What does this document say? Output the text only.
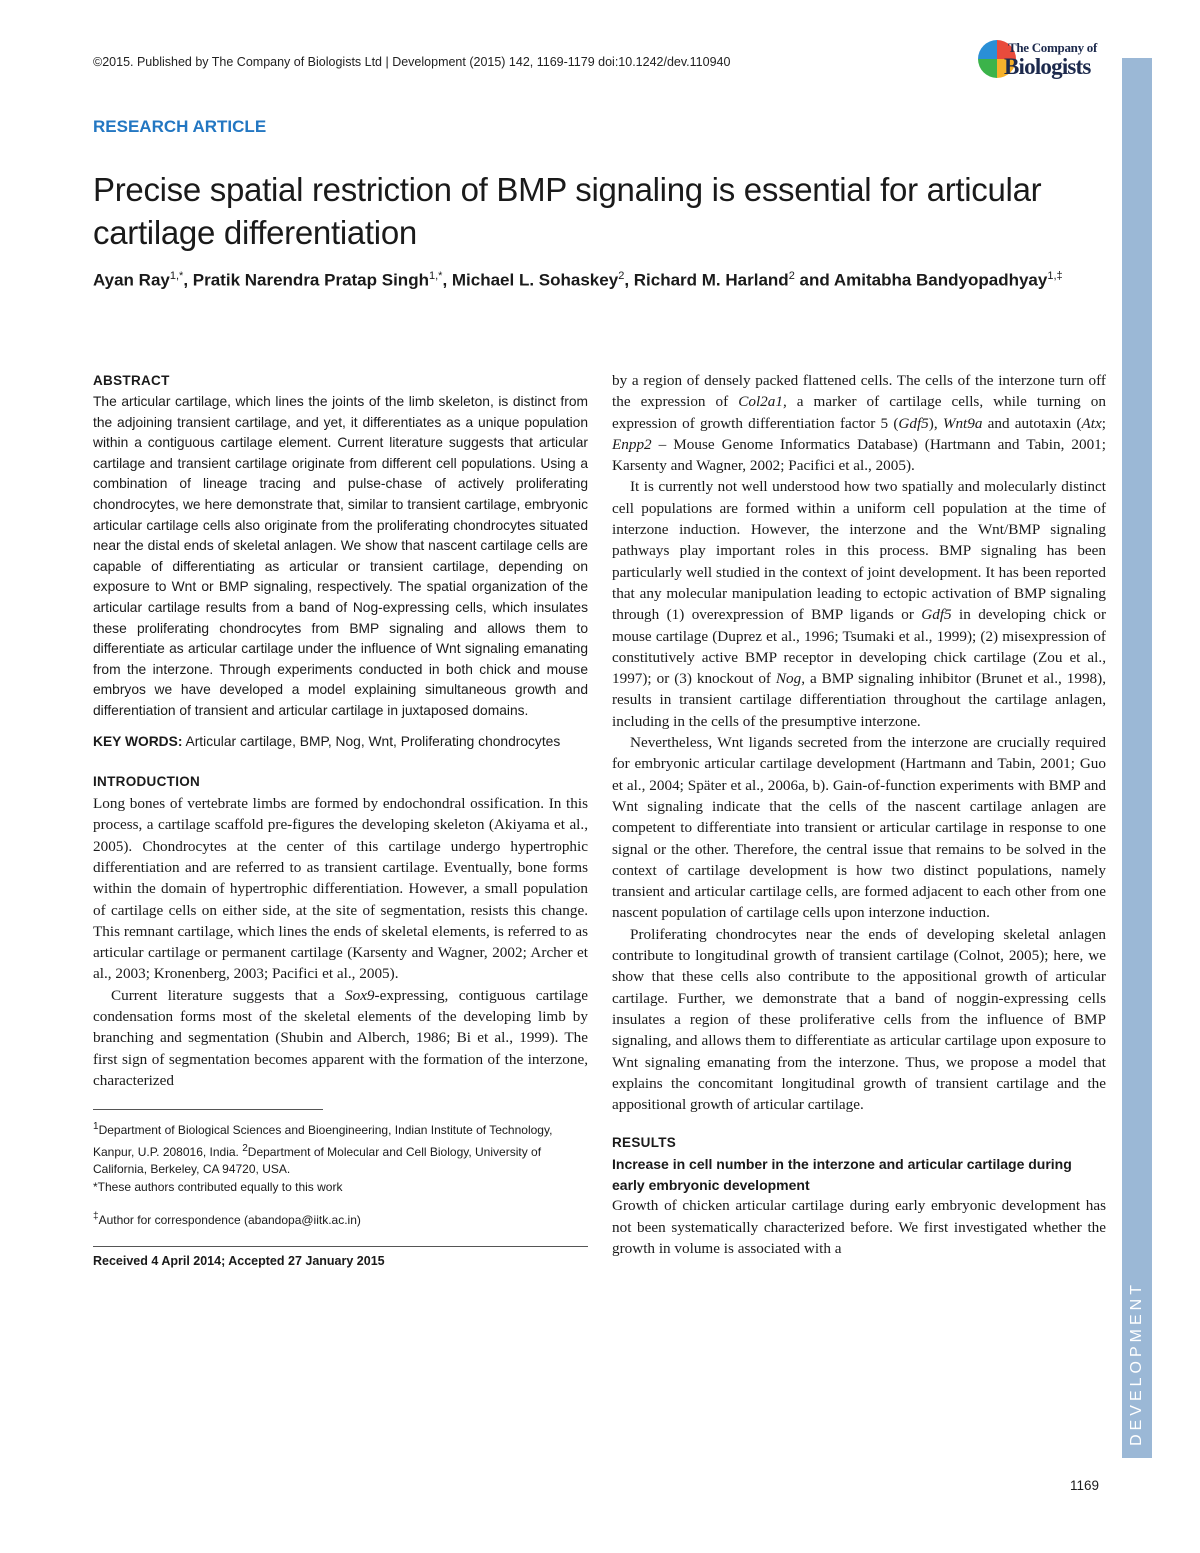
©2015. Published by The Company of Biologists Ltd | Development (2015) 142, 1169-1179 doi:10.1242/dev.110940
The Company of
Biologists
DEVELOPMENT
RESEARCH ARTICLE
Precise spatial restriction of BMP signaling is essential for articular cartilage differentiation
Ayan Ray$^{1,*}$, Pratik Narendra Pratap Singh$^{1,*}$, Michael L. Sohaskey$^2$, Richard M. Harland$^2$ and Amitabha Bandyopadhyay$^{1,\ddagger}$
ABSTRACT

The articular cartilage, which lines the joints of the limb skeleton, is distinct from the adjoining transient cartilage, and yet, it differentiates as a unique population within a contiguous cartilage element. Current literature suggests that articular cartilage and transient cartilage originate from different cell populations. Using a combination of lineage tracing and pulse-chase of actively proliferating chondrocytes, we here demonstrate that, similar to transient cartilage, embryonic articular cartilage cells also originate from the proliferating chondrocytes situated near the distal ends of skeletal anlagen. We show that nascent cartilage cells are capable of differentiating as articular or transient cartilage, depending on exposure to Wnt or BMP signaling, respectively. The spatial organization of the articular cartilage results from a band of Nog-expressing cells, which insulates these proliferating chondrocytes from BMP signaling and allows them to differentiate as articular cartilage under the influence of Wnt signaling emanating from the interzone. Through experiments conducted in both chick and mouse embryos we have developed a model explaining simultaneous growth and differentiation of transient and articular cartilage in juxtaposed domains.

KEY WORDS: Articular cartilage, BMP, Nog, Wnt, Proliferating chondrocytes

INTRODUCTION

Long bones of vertebrate limbs are formed by endochondral ossification. In this process, a cartilage scaffold pre-figures the developing skeleton (Akiyama et al., 2005). Chondrocytes at the center of this cartilage undergo hypertrophic differentiation and are referred to as transient cartilage. Eventually, bone forms within the domain of hypertrophic differentiation. However, a small population of cartilage cells on either side, at the site of segmentation, resists this change. This remnant cartilage, which lines the ends of skeletal elements, is referred to as articular cartilage or permanent cartilage (Karsenty and Wagner, 2002; Archer et al., 2003; Kronenberg, 2003; Pacifici et al., 2005).

Current literature suggests that a Sox9-expressing, contiguous cartilage condensation forms most of the skeletal elements of the developing limb by branching and segmentation (Shubin and Alberch, 1986; Bi et al., 1999). The first sign of segmentation becomes apparent with the formation of the interzone, characterized

$^1$Department of Biological Sciences and Bioengineering, Indian Institute of Technology, Kanpur, U.P. 208016, India. $^2$Department of Molecular and Cell Biology, University of California, Berkeley, CA 94720, USA.
*These authors contributed equally to this work
‡Author for correspondence (abandopa@iitk.ac.in)
Received 4 April 2014; Accepted 27 January 2015

by a region of densely packed flattened cells. The cells of the interzone turn off the expression of Col2a1, a marker of cartilage cells, while turning on expression of growth differentiation factor 5 (Gdf5), Wnt9a and autotaxin (Atx; Enpp2 – Mouse Genome Informatics Database) (Hartmann and Tabin, 2001; Karsenty and Wagner, 2002; Pacifici et al., 2005).

It is currently not well understood how two spatially and molecularly distinct cell populations are formed within a uniform cell population at the time of interzone induction. However, the interzone and the Wnt/BMP signaling pathways play important roles in this process. BMP signaling has been particularly well studied in the context of joint development. It has been reported that any molecular manipulation leading to ectopic activation of BMP signaling through (1) overexpression of BMP ligands or Gdf5 in developing chick or mouse cartilage (Duprez et al., 1996; Tsumaki et al., 1999); (2) misexpression of constitutively active BMP receptor in developing chick cartilage (Zou et al., 1997); or (3) knockout of Nog, a BMP signaling inhibitor (Brunet et al., 1998), results in transient cartilage differentiation throughout the cartilage anlagen, including in the cells of the presumptive interzone.

Nevertheless, Wnt ligands secreted from the interzone are crucially required for embryonic articular cartilage development (Hartmann and Tabin, 2001; Guo et al., 2004; Später et al., 2006a, b). Gain-of-function experiments with BMP and Wnt signaling indicate that the cells of the nascent cartilage anlagen are competent to differentiate into transient or articular cartilage in response to one signal or the other. Therefore, the central issue that remains to be solved in the context of cartilage development is how two distinct populations, namely transient and articular cartilage cells, are formed adjacent to each other from one nascent population of cartilage cells upon interzone induction.

Proliferating chondrocytes near the ends of developing skeletal anlagen contribute to longitudinal growth of transient cartilage (Colnot, 2005); here, we show that these cells also contribute to the appositional growth of articular cartilage. Further, we demonstrate that a band of noggin-expressing cells insulates a region of these proliferative cells from the influence of BMP signaling, and allows them to differentiate as articular cartilage upon exposure to Wnt signaling emanating from the interzone. Thus, we propose a model that explains the concomitant longitudinal growth of transient cartilage and the appositional growth of articular cartilage.

RESULTS

Increase in cell number in the interzone and articular cartilage during early embryonic development

Growth of chicken articular cartilage during early embryonic development has not been systematically characterized before. We first investigated whether the growth in volume is associated with a

1169
